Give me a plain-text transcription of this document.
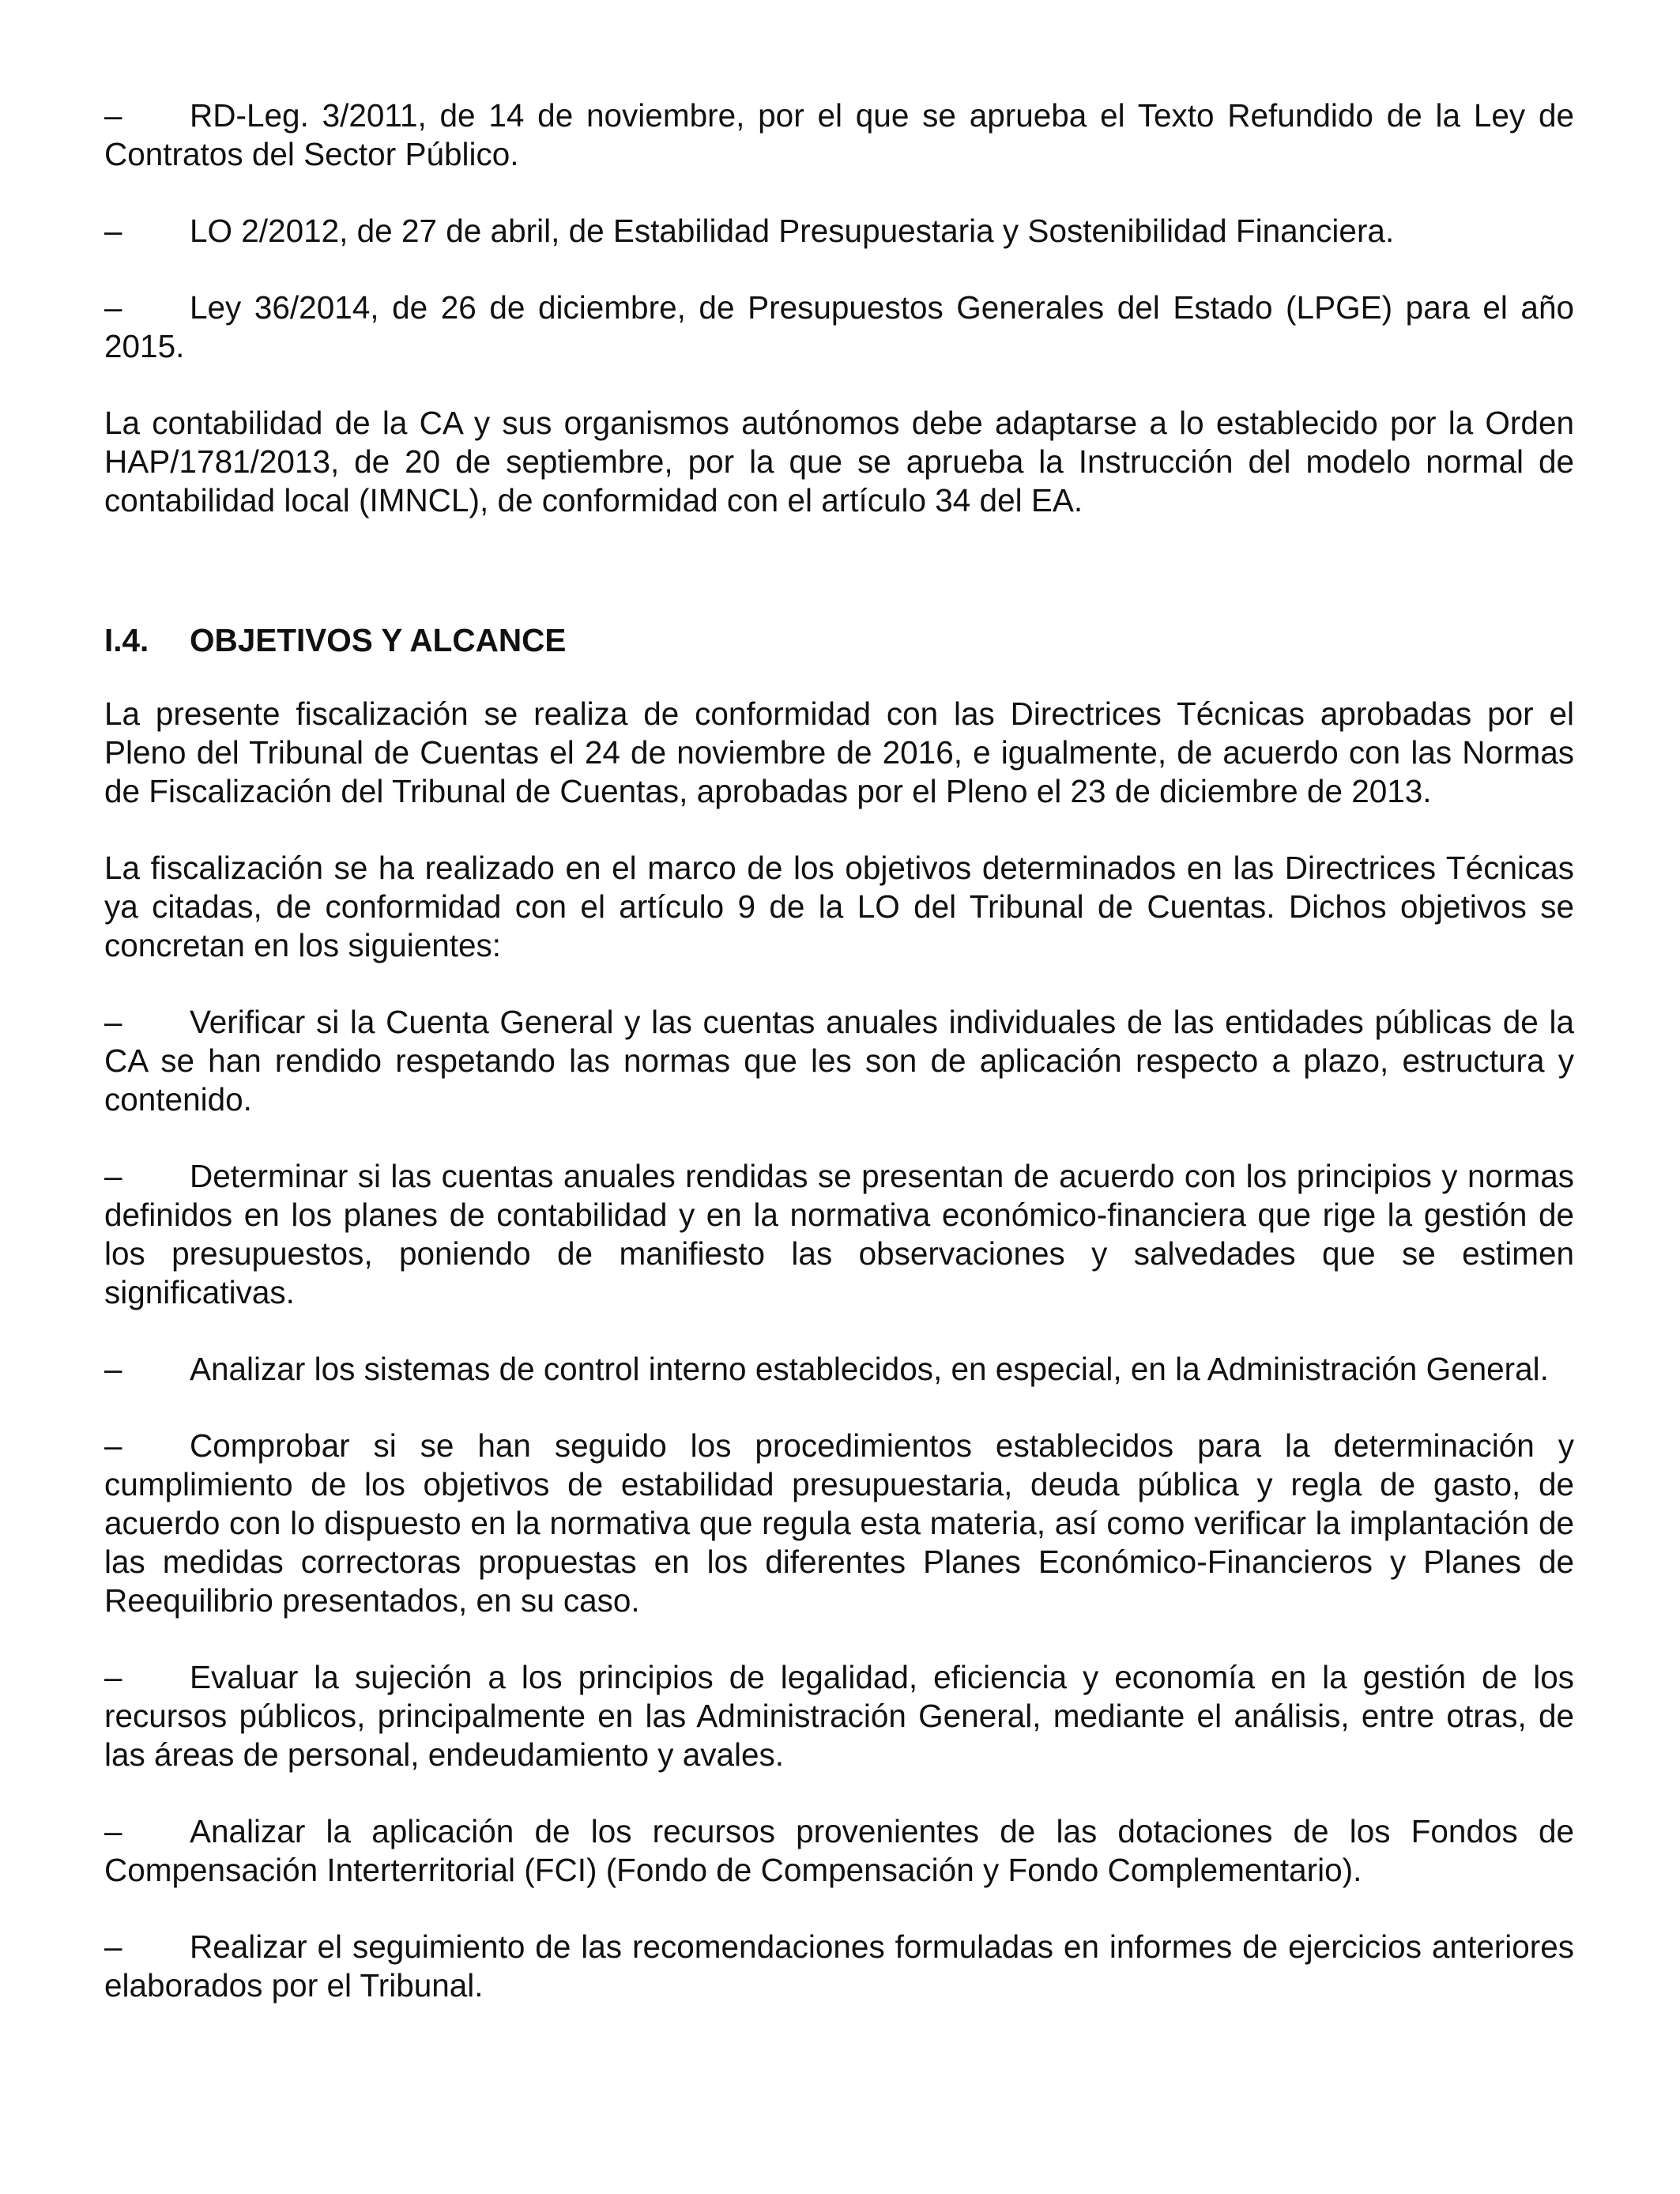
– RD-Leg. 3/2011, de 14 de noviembre, por el que se aprueba el Texto Refundido de la Ley de Contratos del Sector Público.

– LO 2/2012, de 27 de abril, de Estabilidad Presupuestaria y Sostenibilidad Financiera.

– Ley 36/2014, de 26 de diciembre, de Presupuestos Generales del Estado (LPGE) para el año 2015.

La contabilidad de la CA y sus organismos autónomos debe adaptarse a lo establecido por la Orden HAP/1781/2013, de 20 de septiembre, por la que se aprueba la Instrucción del modelo normal de contabilidad local (IMNCL), de conformidad con el artículo 34 del EA.

I.4. OBJETIVOS Y ALCANCE

La presente fiscalización se realiza de conformidad con las Directrices Técnicas aprobadas por el Pleno del Tribunal de Cuentas el 24 de noviembre de 2016, e igualmente, de acuerdo con las Normas de Fiscalización del Tribunal de Cuentas, aprobadas por el Pleno el 23 de diciembre de 2013.

La fiscalización se ha realizado en el marco de los objetivos determinados en las Directrices Técnicas ya citadas, de conformidad con el artículo 9 de la LO del Tribunal de Cuentas. Dichos objetivos se concretan en los siguientes:

– Verificar si la Cuenta General y las cuentas anuales individuales de las entidades públicas de la CA se han rendido respetando las normas que les son de aplicación respecto a plazo, estructura y contenido.

– Determinar si las cuentas anuales rendidas se presentan de acuerdo con los principios y normas definidos en los planes de contabilidad y en la normativa económico-financiera que rige la gestión de los presupuestos, poniendo de manifiesto las observaciones y salvedades que se estimen significativas.

– Analizar los sistemas de control interno establecidos, en especial, en la Administración General.

– Comprobar si se han seguido los procedimientos establecidos para la determinación y cumplimiento de los objetivos de estabilidad presupuestaria, deuda pública y regla de gasto, de acuerdo con lo dispuesto en la normativa que regula esta materia, así como verificar la implantación de las medidas correctoras propuestas en los diferentes Planes Económico-Financieros y Planes de Reequilibrio presentados, en su caso.

– Evaluar la sujeción a los principios de legalidad, eficiencia y economía en la gestión de los recursos públicos, principalmente en las Administración General, mediante el análisis, entre otras, de las áreas de personal, endeudamiento y avales.

– Analizar la aplicación de los recursos provenientes de las dotaciones de los Fondos de Compensación Interterritorial (FCI) (Fondo de Compensación y Fondo Complementario).

– Realizar el seguimiento de las recomendaciones formuladas en informes de ejercicios anteriores elaborados por el Tribunal.
